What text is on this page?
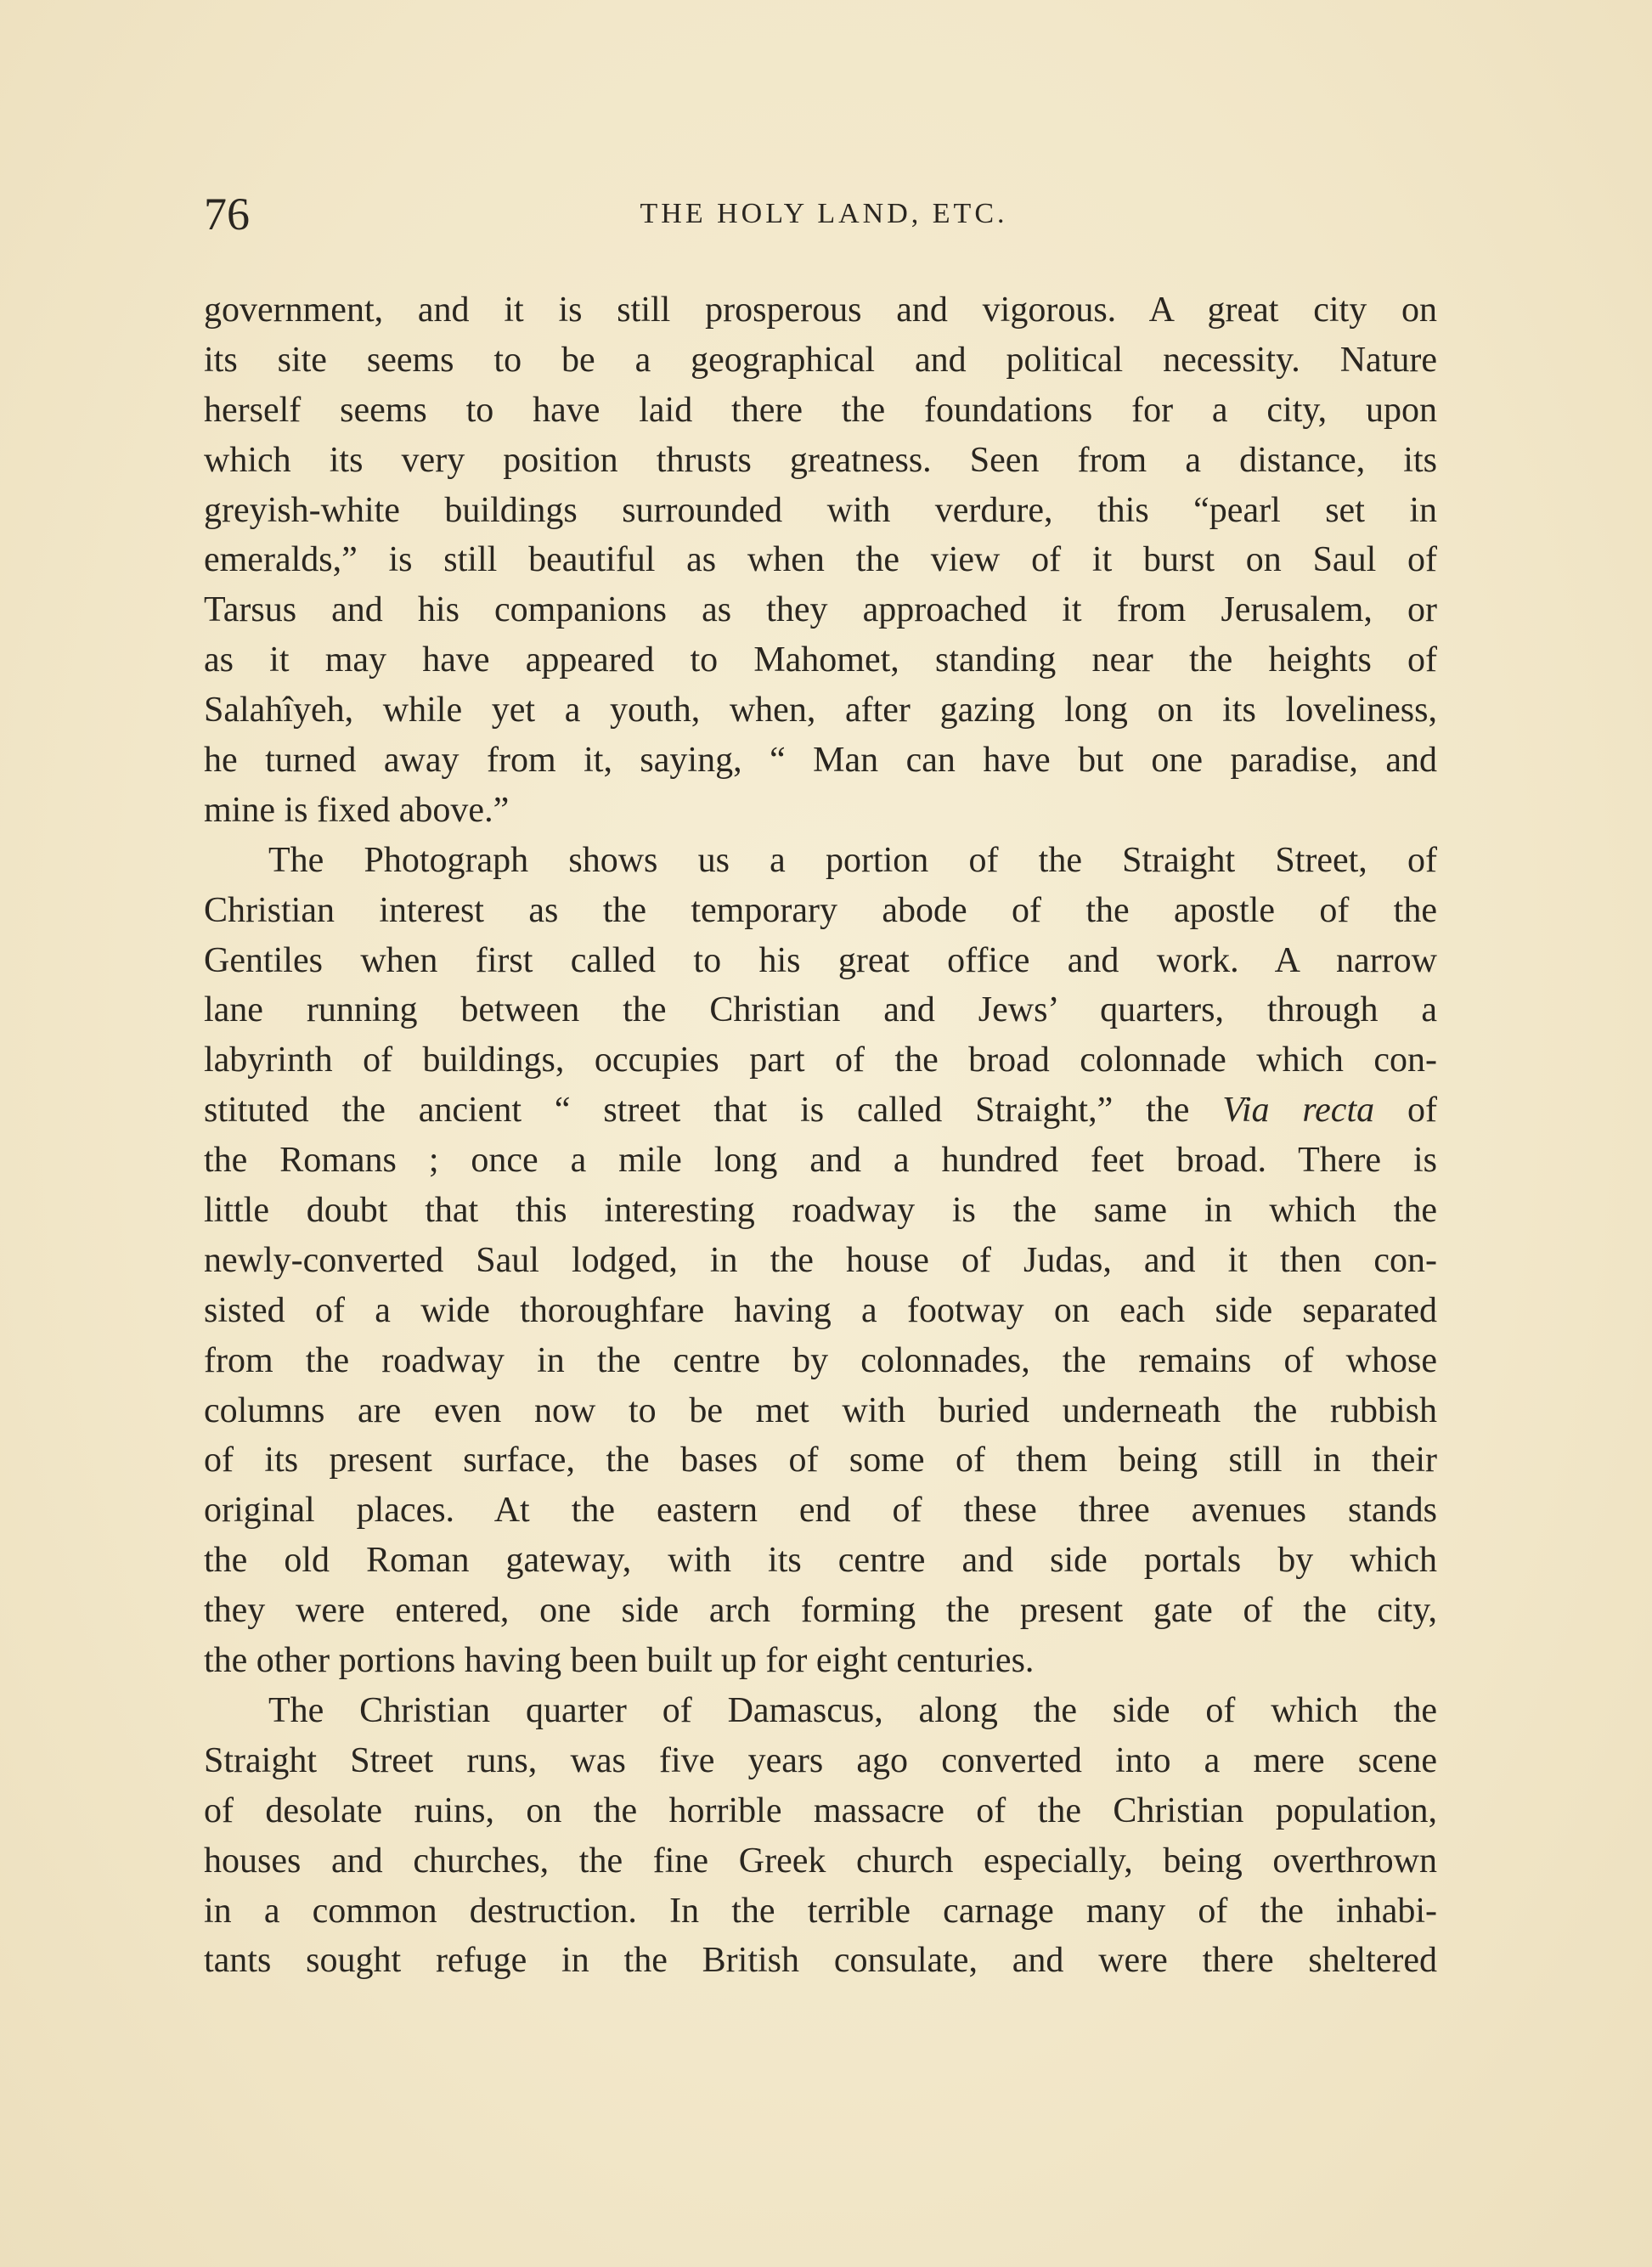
76	THE HOLY LAND, ETC.
government, and it is still prosperous and vigorous. A great city on
its site seems to be a geographical and political necessity. Nature
herself seems to have laid there the foundations for a city, upon
which its very position thrusts greatness. Seen from a distance, its
greyish-white buildings surrounded with verdure, this “pearl set in
emeralds,” is still beautiful as when the view of it burst on Saul of
Tarsus and his companions as they approached it from Jerusalem, or
as it may have appeared to Mahomet, standing near the heights of
Salahîyeh, while yet a youth, when, after gazing long on its loveliness,
he turned away from it, saying, “ Man can have but one paradise, and
mine is fixed above.”
The Photograph shows us a portion of the Straight Street, of
Christian interest as the temporary abode of the apostle of the
Gentiles when first called to his great office and work. A narrow
lane running between the Christian and Jews’ quarters, through a
labyrinth of buildings, occupies part of the broad colonnade which con-
stituted the ancient “ street that is called Straight,” the Via recta of
the Romans ; once a mile long and a hundred feet broad. There is
little doubt that this interesting roadway is the same in which the
newly-converted Saul lodged, in the house of Judas, and it then con-
sisted of a wide thoroughfare having a footway on each side separated
from the roadway in the centre by colonnades, the remains of whose
columns are even now to be met with buried underneath the rubbish
of its present surface, the bases of some of them being still in their
original places. At the eastern end of these three avenues stands
the old Roman gateway, with its centre and side portals by which
they were entered, one side arch forming the present gate of the city,
the other portions having been built up for eight centuries.
The Christian quarter of Damascus, along the side of which the
Straight Street runs, was five years ago converted into a mere scene
of desolate ruins, on the horrible massacre of the Christian population,
houses and churches, the fine Greek church especially, being overthrown
in a common destruction. In the terrible carnage many of the inhabi-
tants sought refuge in the British consulate, and were there sheltered
